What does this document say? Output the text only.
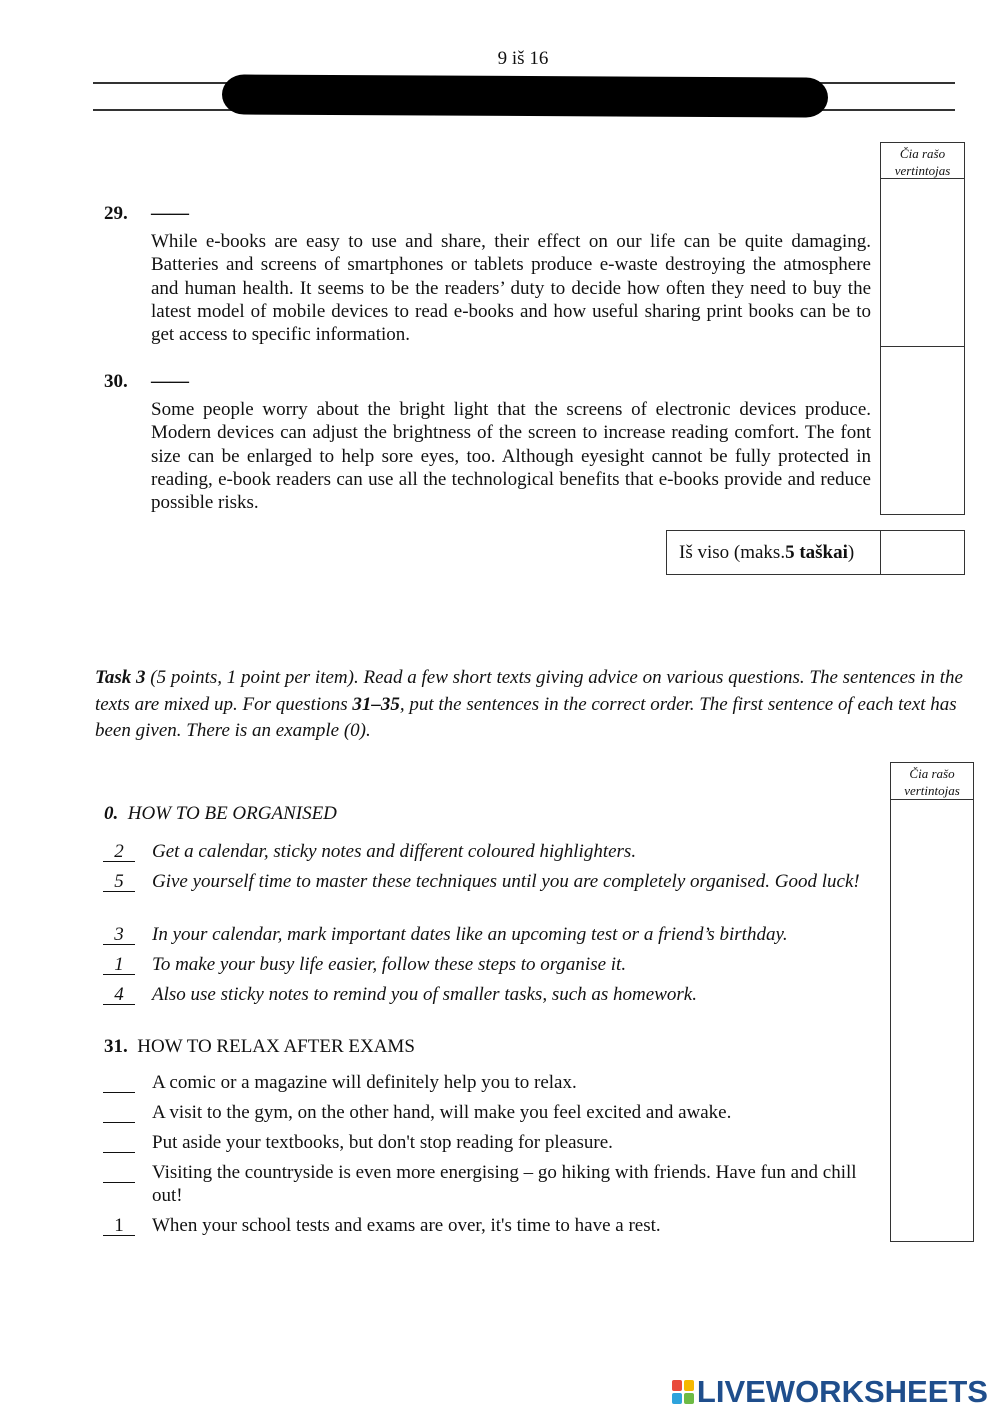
9 iš 16
Čia rašo
vertintojas
29. ——
While e-books are easy to use and share, their effect on our life can be quite damaging. Batteries and screens of smartphones or tablets produce e-waste destroying the atmosphere and human health. It seems to be the readers’ duty to decide how often they need to buy the latest model of mobile devices to read e-books and how useful sharing print books can be to get access to specific information.
30. ——
Some people worry about the bright light that the screens of electronic devices produce. Modern devices can adjust the brightness of the screen to increase reading comfort. The font size can be enlarged to help sore eyes, too. Although eyesight cannot be fully protected in reading, e-book readers can use all the technological benefits that e-books provide and reduce possible risks.
Iš viso (maks. 5 taškai )
Task 3 (5 points, 1 point per item). Read a few short texts giving advice on various questions. The sentences in the texts are mixed up. For questions 31–35, put the sentences in the correct order. The first sentence of each text has been given. There is an example (0).
Čia rašo
vertintojas
0. HOW TO BE ORGANISED
2	Get a calendar, sticky notes and different coloured highlighters.
5	Give yourself time to master these techniques until you are completely organised. Good luck!
3	In your calendar, mark important dates like an upcoming test or a friend’s birthday.
1	To make your busy life easier, follow these steps to organise it.
4	Also use sticky notes to remind you of smaller tasks, such as homework.
31. HOW TO RELAX AFTER EXAMS
A comic or a magazine will definitely help you to relax.
A visit to the gym, on the other hand, will make you feel excited and awake.
Put aside your textbooks, but don't stop reading for pleasure.
Visiting the countryside is even more energising – go hiking with friends. Have fun and chill out!
1	When your school tests and exams are over, it's time to have a rest.
LIVEWORKSHEETS
